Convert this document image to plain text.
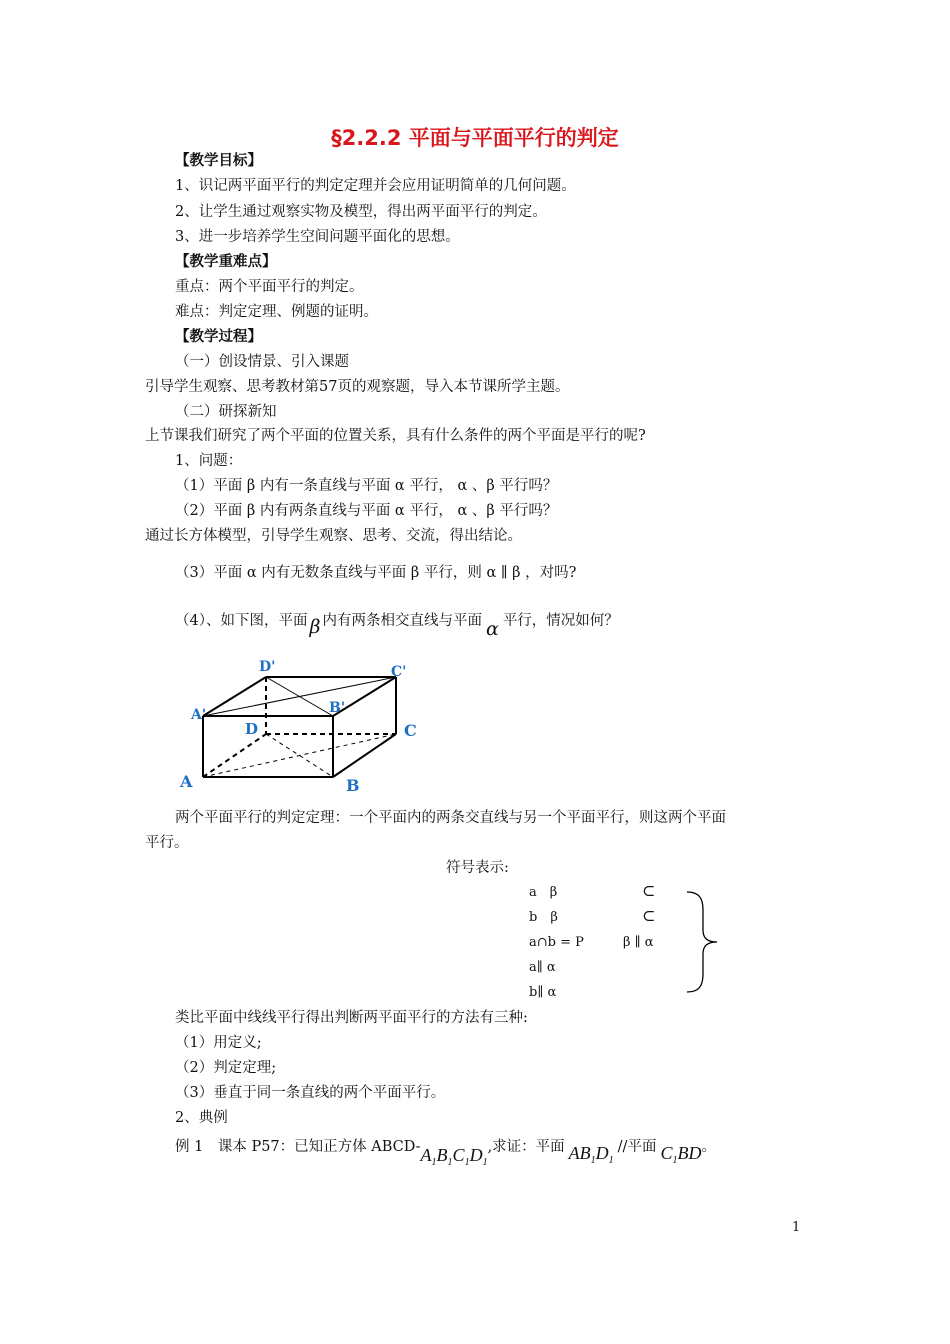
§2.2.2 平面与平面平行的判定
【教学目标】
1、识记两平面平行的判定定理并会应用证明简单的几何问题。
2、让学生通过观察实物及模型，得出两平面平行的判定。
3、进一步培养学生空间问题平面化的思想。
【教学重难点】
重点：两个平面平行的判定。
难点：判定定理、例题的证明。
【教学过程】
（一）创设情景、引入课题
引导学生观察、思考教材第57页的观察题，导入本节课所学主题。
（二）研探新知
上节课我们研究了两个平面的位置关系，具有什么条件的两个平面是平行的呢?
1、问题：
（1）平面 β 内有一条直线与平面 α 平行， α 、β 平行吗？
（2）平面 β 内有两条直线与平面 α 平行， α 、β 平行吗？
通过长方体模型，引导学生观察、思考、交流，得出结论。
（3）平面 α 内有无数条直线与平面 β 平行，则 α ∥ β ，对吗?
（4）、如下图，平面 β 内有两条相交直线与平面 α 平行，情况如何？
D'	C'
A'	B'
D	C
A	B
两个平面平行的判定定理：一个平面内的两条交直线与另一个平面平行，则这两个平面
平行。
符号表示:
a　β	⊂
b　β	⊂
a∩b = P	β ∥ α
a∥ α
b∥ α
类比平面中线线平行得出判断两平面平行的方法有三种:
（1）用定义;
（2）判定定理;
（3）垂直于同一条直线的两个平面平行。
2、典例
例 1　课本 P57：已知正方体 ABCD-$A_1B_1C_1D_1$,求证：平面 $AB_1D_1//$平面 $C_1BD$。
1
